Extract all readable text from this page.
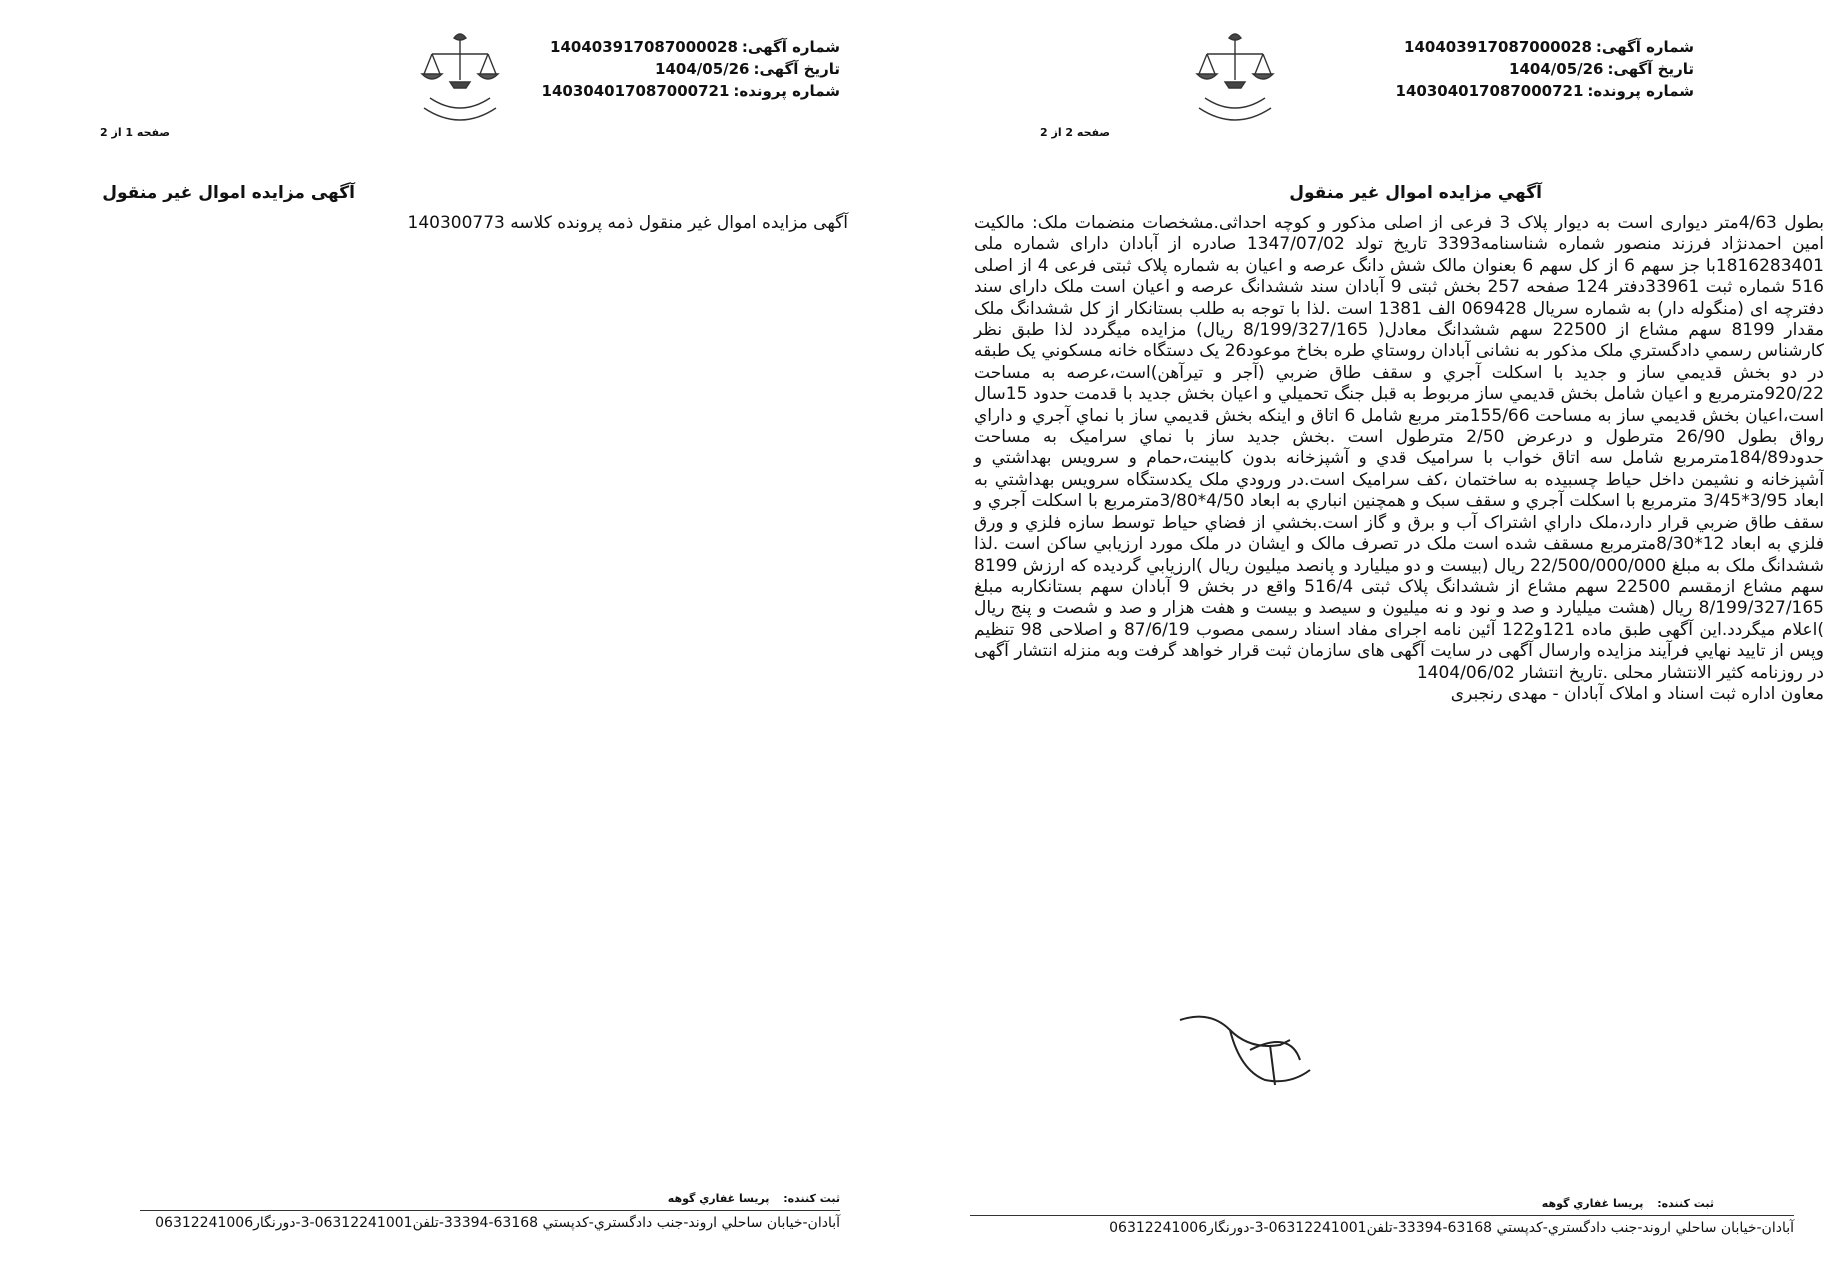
شماره آگهی:140403917087000028
تاریخ آگهی:1404/05/26
شماره پرونده:140304017087000721
صفحه 2 از 2
آگهي مزايده اموال غير منقول

بطول 4/63متر دیواری است به دیوار پلاک 3 فرعی از اصلی مذکور و کوچه احداثی.مشخصات منضمات ملک: مالکیت امین احمدنژاد فرزند منصور شماره شناسنامه3393 تاریخ تولد 1347/07/02 صادره از آبادان دارای شماره ملی 1816283401با جز سهم 6 از کل سهم 6 بعنوان مالک شش دانگ عرصه و اعیان به شماره پلاک ثبتی فرعی 4 از اصلی 516 شماره ثبت 33961دفتر 124 صفحه 257 بخش ثبتی 9 آبادان سند ششدانگ عرصه و اعیان است ملک دارای سند دفترچه ای (منگوله دار) به شماره سریال 069428 الف 1381 است .لذا با توجه به طلب بستانکار از کل ششدانگ ملک مقدار 8199 سهم مشاع از 22500 سهم ششدانگ معادل( 8/199/327/165 ريال) مزايده ميگردد لذا طبق نظر كارشناس رسمي دادگستري ملک مذکور به نشانی آبادان روستاي طره بخاخ موعود26 يک دستگاه خانه مسكوني يک طبقه در دو بخش قديمي ساز و جديد با اسكلت آجري و سقف طاق ضربي (آجر و تيرآهن)است،عرصه به مساحت 920/22مترمربع و اعيان شامل بخش قديمي ساز مربوط به قبل جنگ تحميلي و اعيان بخش جديد با قدمت حدود 15سال است،اعيان بخش قديمي ساز به مساحت 155/66متر مربع شامل 6 اتاق و اينكه بخش قديمي ساز با نماي آجري و داراي رواق بطول 26/90 مترطول و درعرض 2/50 مترطول است .بخش جديد ساز با نماي سراميک به مساحت حدود184/89مترمربع شامل سه اتاق خواب با سراميک قدي و آشپزخانه بدون كابينت،حمام و سرويس بهداشتي و آشپزخانه و نشيمن داخل حياط چسبيده به ساختمان ،كف سراميک است.در ورودي ملک يكدستگاه سرويس بهداشتي به ابعاد 3/95*3/45 مترمربع با اسكلت آجري و سقف سبک و همچنين انباري به ابعاد 4/50*3/80مترمربع با اسكلت آجري و سقف طاق ضربي قرار دارد،ملک داراي اشتراک آب و برق و گاز است.بخشي از فضاي حياط توسط سازه فلزي و ورق فلزي به ابعاد 12*8/30مترمربع مسقف شده است ملک در تصرف مالک و ايشان در ملک مورد ارزيابي ساكن است .لذا ششدانگ ملک به مبلغ 22/500/000/000 ريال (بيست و دو ميليارد و پانصد ميليون ريال )ارزيابي گرديده كه ارزش 8199 سهم مشاع ازمقسم 22500 سهم مشاع از ششدانگ پلاک ثبتی 516/4 واقع در بخش 9 آبادان سهم بستانكاربه مبلغ 8/199/327/165 ريال (هشت ميليارد و صد و نود و نه ميليون و سيصد و بيست و هفت هزار و صد و شصت و پنج ريال )اعلام ميگردد.اين آگهی طبق ماده 121و122 آئين نامه اجرای مفاد اسناد رسمی مصوب 87/6/19 و اصلاحی 98 تنظيم وپس از تاييد نهايي فرآيند مزايده وارسال آگهی در سايت آگهی های سازمان ثبت قرار خواهد گرفت وبه منزله انتشار آگهی در روزنامه كثير الانتشار محلی .تاريخ انتشار 1404/06/02

معاون اداره ثبت اسناد و املاک آبادان - مهدی رنجبری

ثبت كننده: پريسا غفاري گوهه
آبادان-خيابان ساحلي اروند-جنب دادگستري-کدپستي 63168-33394-تلفن06312241001-3-دورنگار06312241006
شماره آگهی:140403917087000028
تاریخ آگهی:1404/05/26
شماره پرونده:140304017087000721
صفحه 1 از 2
آگهی مزایده اموال غیر منقول

آگهی مزایده اموال غیر منقول ذمه پرونده کلاسه 140300773

ثبت کننده: پریسا غفاري گوهه
آبادان-خيابان ساحلي اروند-جنب دادگستري-کدپستي 63168-33394-تلفن06312241001-3-دورنگار06312241006
